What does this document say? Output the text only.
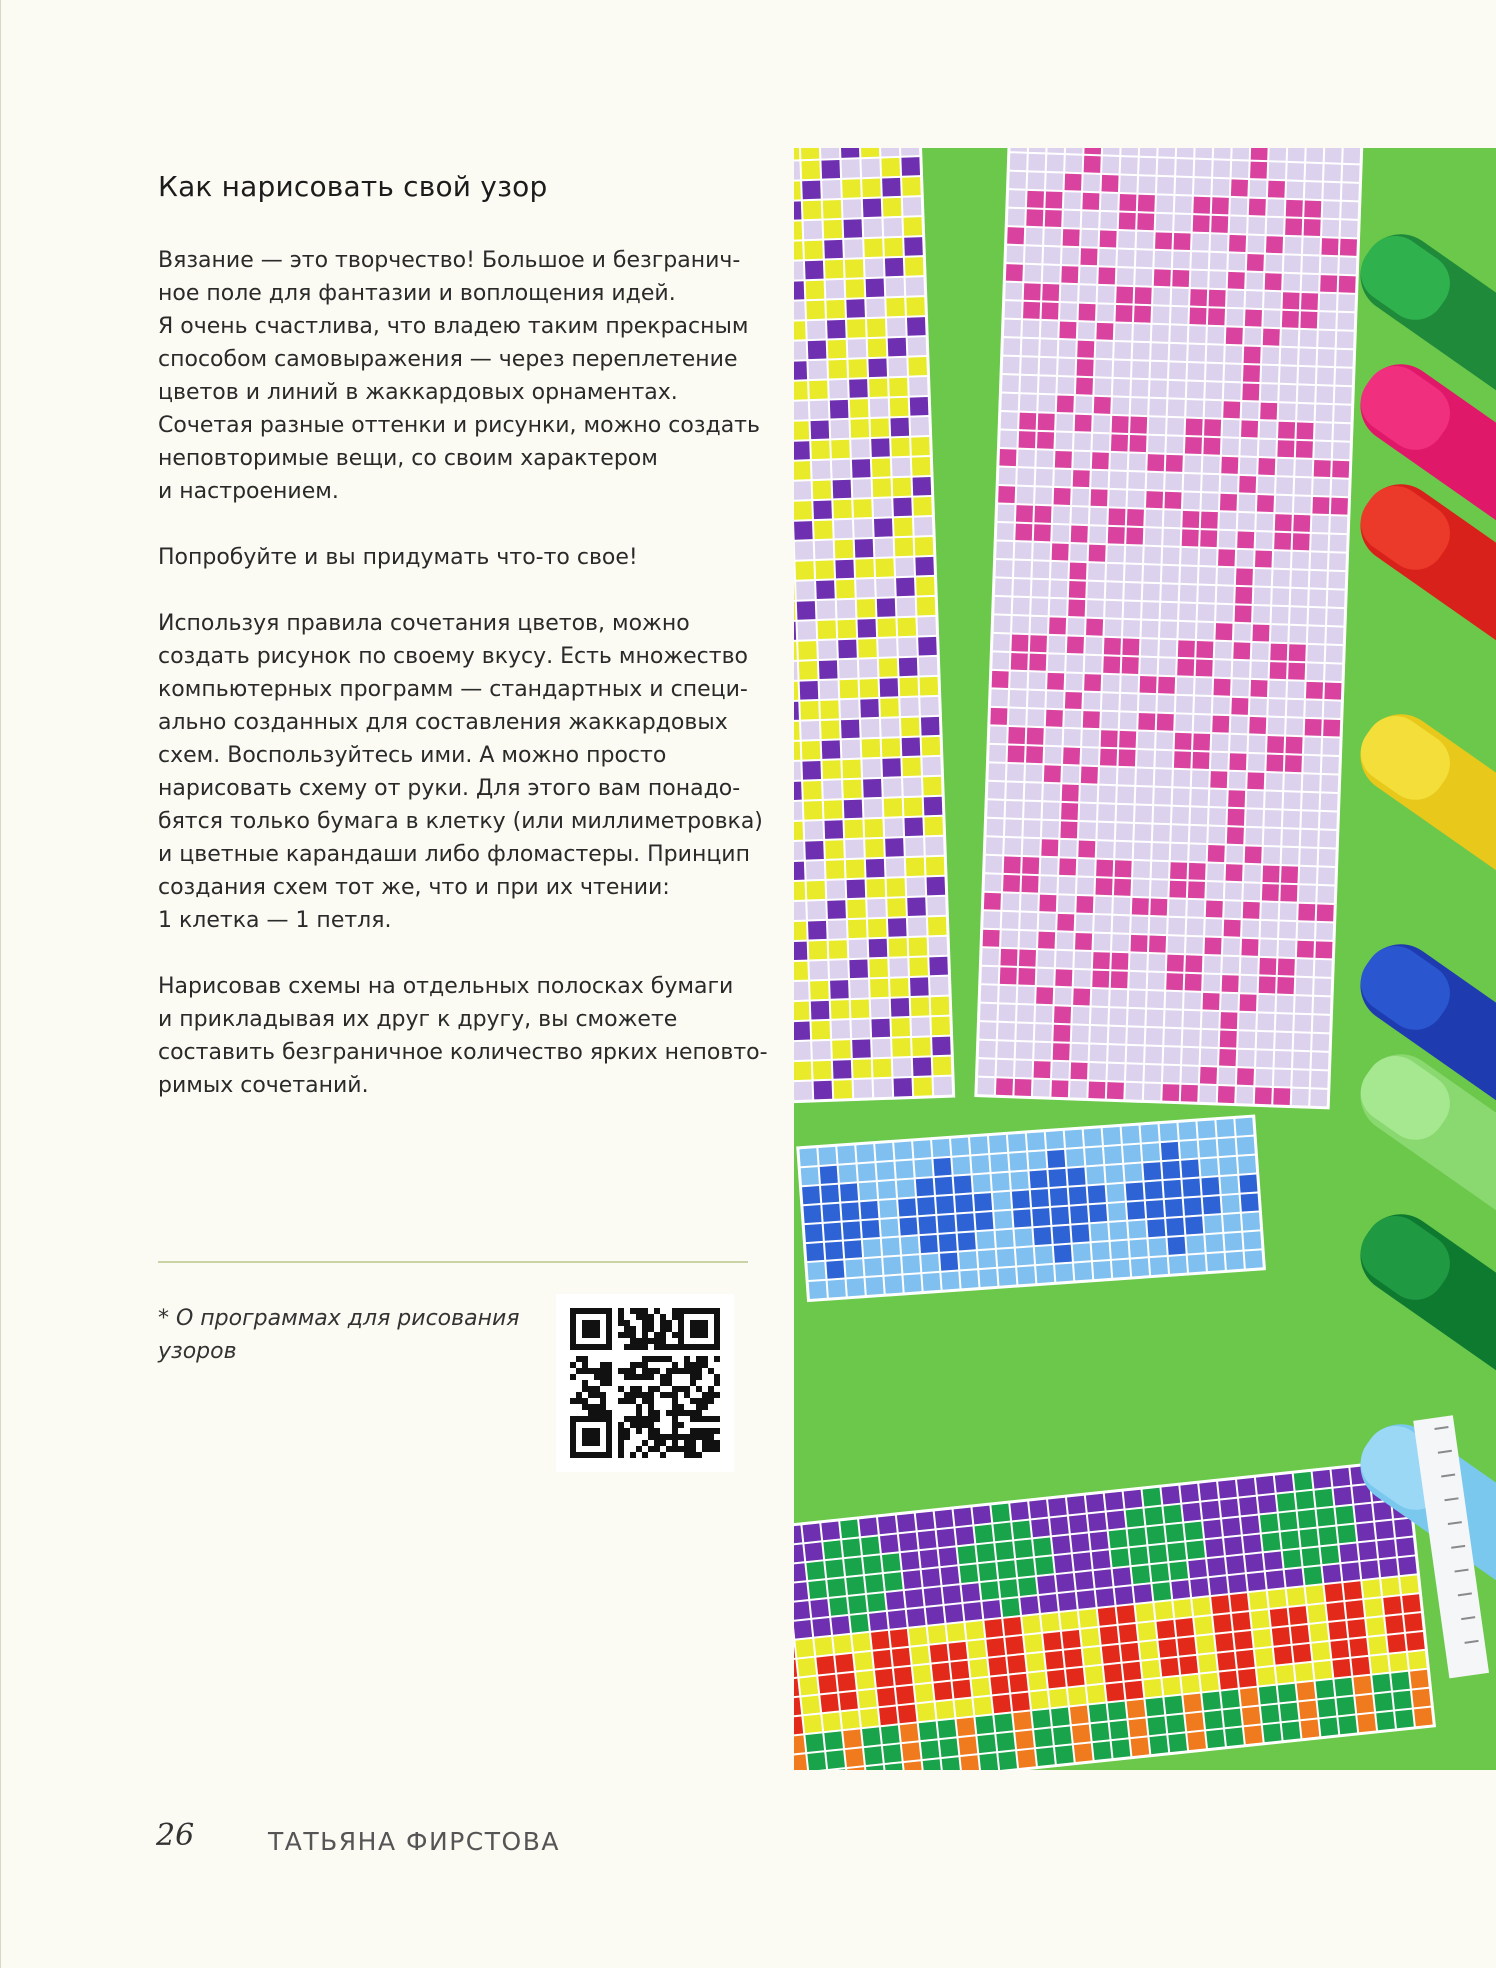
Как нарисовать свой узор

Вязание — это творчество! Большое и безгранич-
ное поле для фантазии и воплощения идей.
Я очень счастлива, что владею таким прекрасным
способом самовыражения — через переплетение
цветов и линий в жаккардовых орнаментах.
Сочетая разные оттенки и рисунки, можно создать
неповторимые вещи, со своим характером
и настроением.

Попробуйте и вы придумать что-то свое!

Используя правила сочетания цветов, можно
создать рисунок по своему вкусу. Есть множество
компьютерных программ — стандартных и специ-
ально созданных для составления жаккардовых
схем. Воспользуйтесь ими. А можно просто
нарисовать схему от руки. Для этого вам понадо-
бятся только бумага в клетку (или миллиметровка)
и цветные карандаши либо фломастеры. Принцип
создания схем тот же, что и при их чтении:
1 клетка — 1 петля.

Нарисовав схемы на отдельных полосках бумаги
и прикладывая их друг к другу, вы сможете
составить безграничное количество ярких неповто-
римых сочетаний.

* О программах для рисования
узоров
26	ТАТЬЯНА ФИРСТОВА
